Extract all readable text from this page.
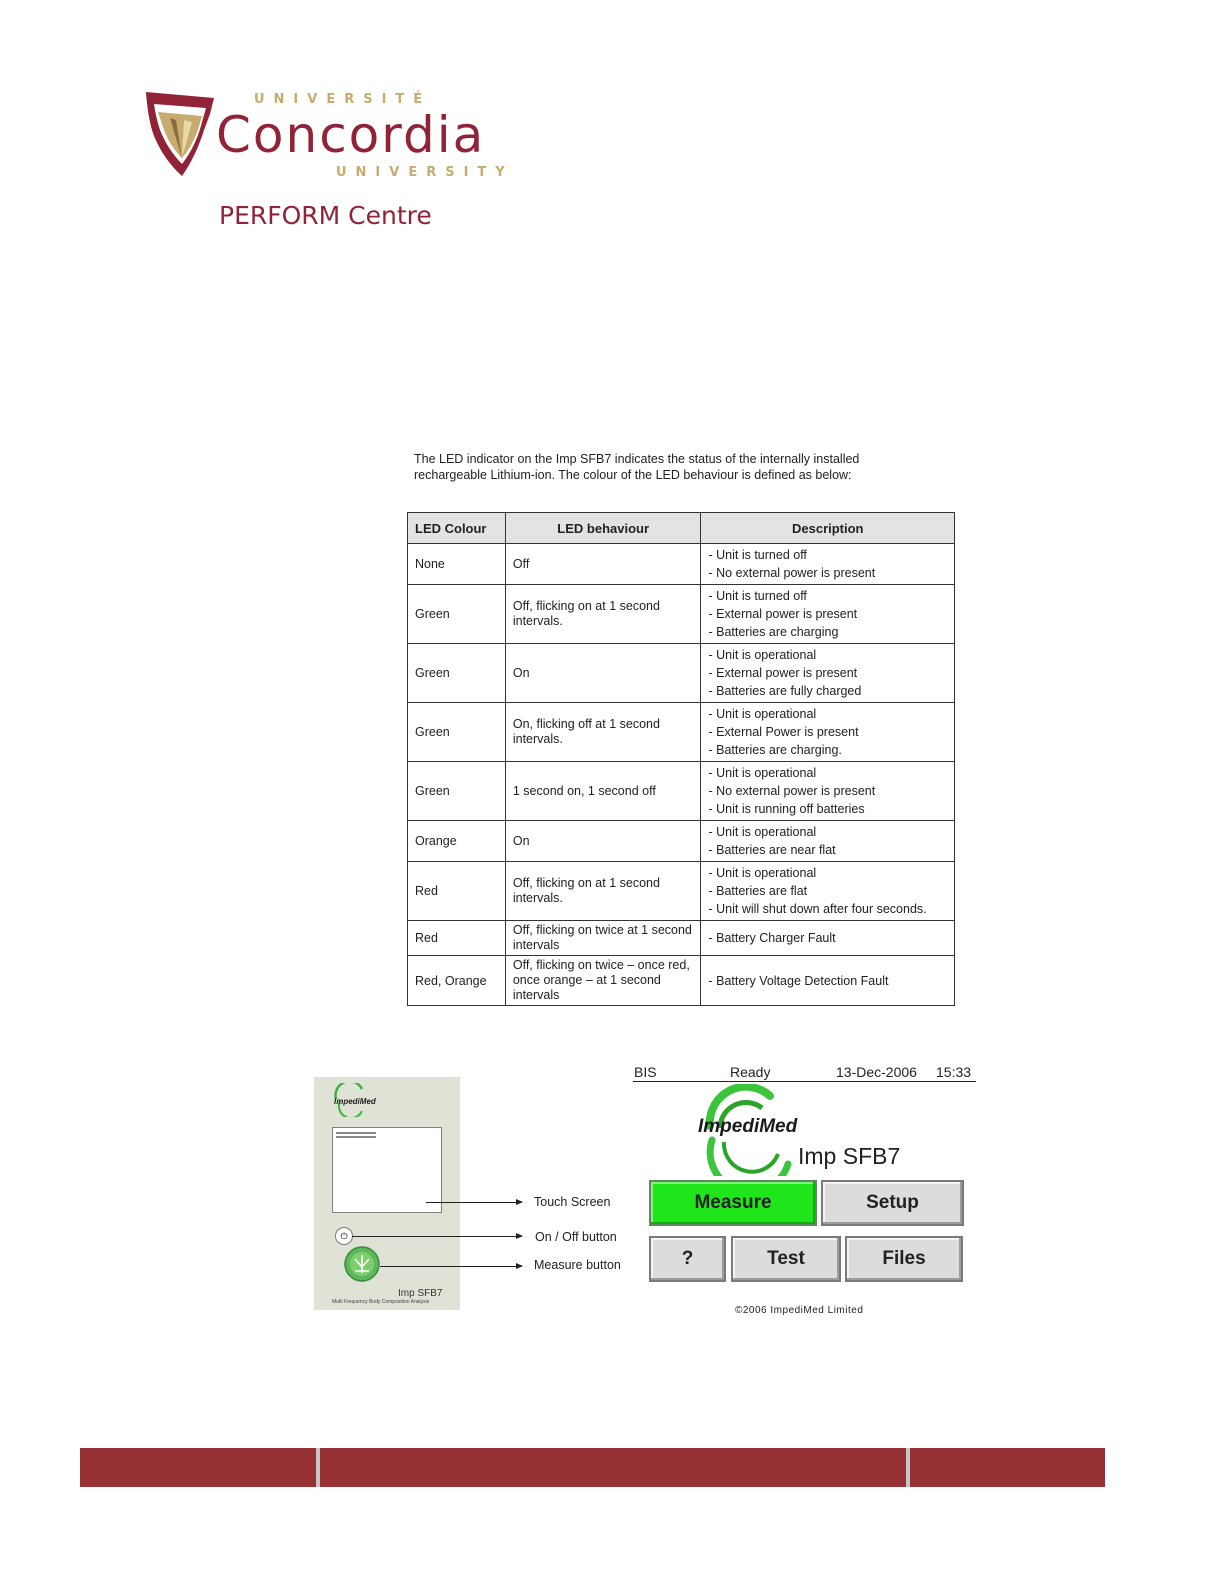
UNIVERSITÉ
Concordia
UNIVERSITY
PERFORM Centre
The LED indicator on the Imp SFB7 indicates the status of the internally installed rechargeable Lithium-ion. The colour of the LED behaviour is defined as below:
LED Colour	LED behaviour	Description
None	Off	- Unit is turned off
- No external power is present

Green	Off, flicking on at 1 second intervals.	- Unit is turned off
- External power is present
- Batteries are charging

Green	On	- Unit is operational
- External power is present
- Batteries are fully charged

Green	On, flicking off at 1 second intervals.	- Unit is operational
- External Power is present
- Batteries are charging.

Green	1 second on, 1 second off	- Unit is operational
- No external power is present
- Unit is running off batteries

Orange	On	- Unit is operational
- Batteries are near flat

Red	Off, flicking on at 1 second intervals.	- Unit is operational
- Batteries are flat
- Unit will shut down after four seconds.

Red	Off, flicking on twice at 1 second intervals	- Battery Charger Fault

Red, Orange	Off, flicking on twice – once red, once orange – at 1 second intervals	- Battery Voltage Detection Fault
ImpediMed
⏻
Imp SFB7
Multi Frequency Body Composition Analysis
Touch Screen
On / Off button
Measure button
BIS	Ready	13-Dec-2006 15:33
ImpediMed
Imp SFB7
Measure	Setup
?	Test	Files
©2006 ImpediMed Limited
